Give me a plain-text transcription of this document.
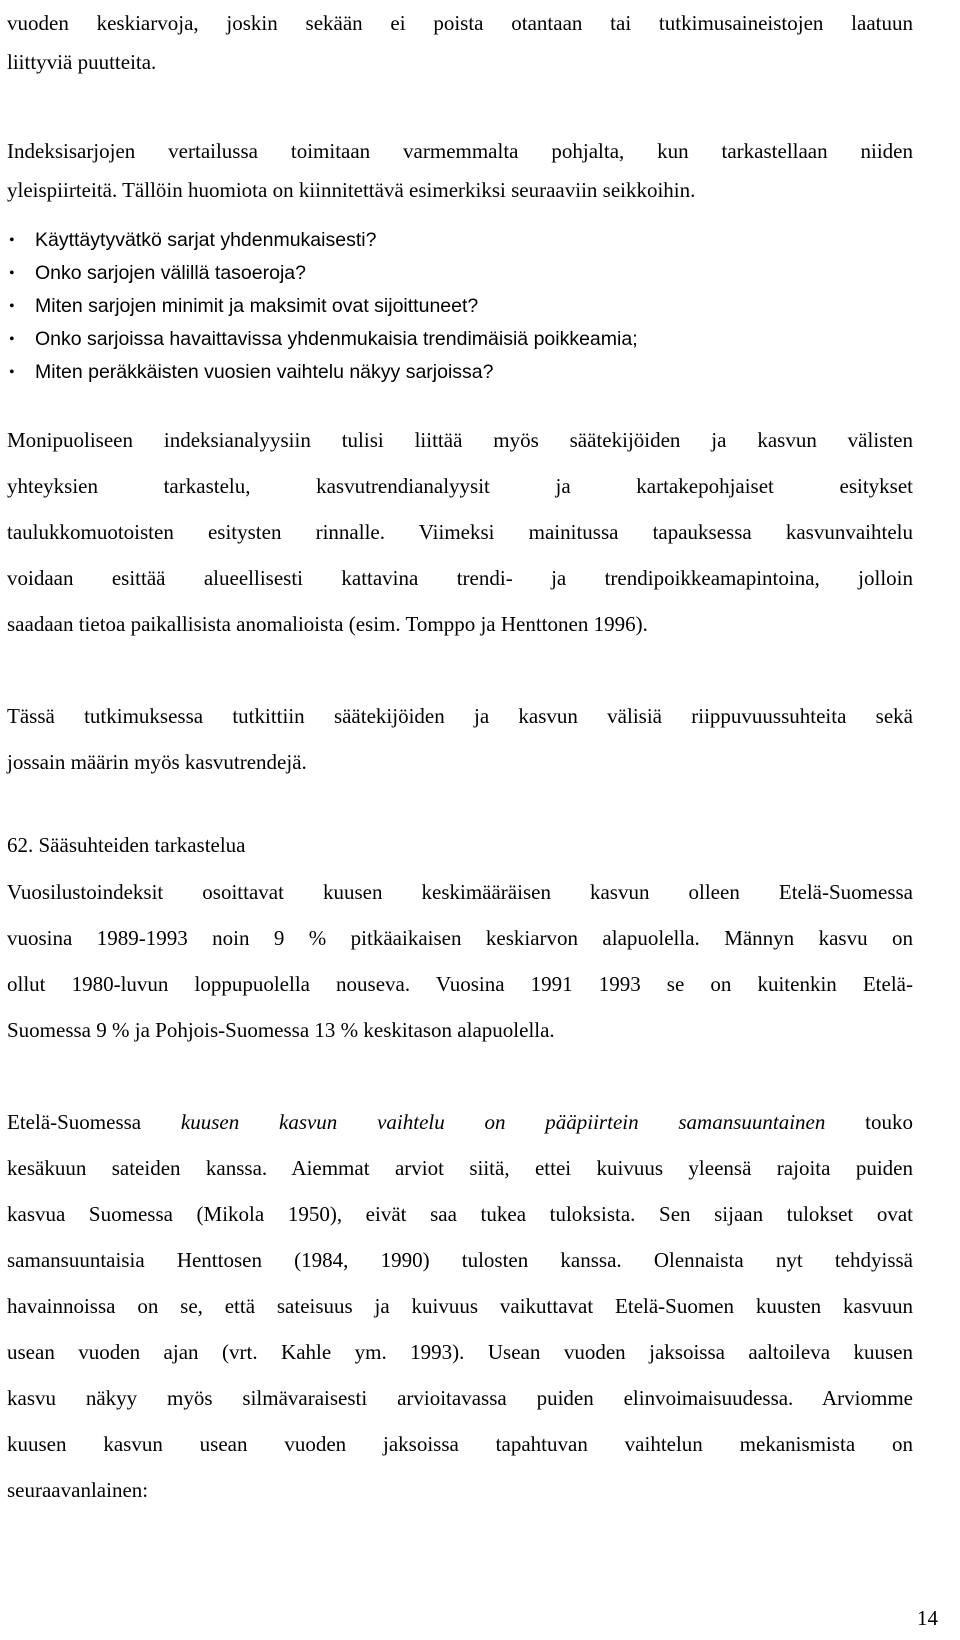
vuoden keskiarvoja, joskin sekään ei poista otantaan tai tutkimusaineistojen laatuun
liittyviä puutteita.

Indeksisarjojen vertailussa toimitaan varmemmalta pohjalta, kun tarkastellaan niiden
yleispiirteitä. Tällöin huomiota on kiinnitettävä esimerkiksi seuraaviin seikkoihin.

• Käyttäytyvätkö sarjat yhdenmukaisesti?
• Onko sarjojen välillä tasoeroja?
• Miten sarjojen minimit ja maksimit ovat sijoittuneet?
• Onko sarjoissa havaittavissa yhdenmukaisia trendimäisiä poikkeamia;
• Miten peräkkäisten vuosien vaihtelu näkyy sarjoissa?

Monipuoliseen indeksianalyysiin tulisi liittää myös säätekijöiden ja kasvun välisten
yhteyksien tarkastelu, kasvutrendianalyysit ja kartakepohjaiset esitykset
taulukkomuotoisten esitysten rinnalle. Viimeksi mainitussa tapauksessa kasvunvaihtelu
voidaan esittää alueellisesti kattavina trendi- ja trendipoikkeamapintoina, jolloin
saadaan tietoa paikallisista anomalioista (esim. Tomppo ja Henttonen 1996).

Tässä tutkimuksessa tutkittiin säätekijöiden ja kasvun välisiä riippuvuussuhteita sekä
jossain määrin myös kasvutrendejä.

62. Sääsuhteiden tarkastelua

Vuosilustoindeksit osoittavat kuusen keskimääräisen kasvun olleen Etelä-Suomessa
vuosina 1989-1993 noin 9 % pitkäaikaisen keskiarvon alapuolella. Männyn kasvu on
ollut 1980-luvun loppupuolella nouseva. Vuosina 1991 1993 se on kuitenkin Etelä-
Suomessa 9 % ja Pohjois-Suomessa 13 % keskitason alapuolella.

Etelä-Suomessa kuusen kasvun vaihtelu on pääpiirtein samansuuntainen touko
kesäkuun sateiden kanssa. Aiemmat arviot siitä, ettei kuivuus yleensä rajoita puiden
kasvua Suomessa (Mikola 1950), eivät saa tukea tuloksista. Sen sijaan tulokset ovat
samansuuntaisia Henttosen (1984, 1990) tulosten kanssa. Olennaista nyt tehdyissä
havainnoissa on se, että sateisuus ja kuivuus vaikuttavat Etelä-Suomen kuusten kasvuun
usean vuoden ajan (vrt. Kahle ym. 1993). Usean vuoden jaksoissa aaltoileva kuusen
kasvu näkyy myös silmävaraisesti arvioitavassa puiden elinvoimaisuudessa. Arviomme
kuusen kasvun usean vuoden jaksoissa tapahtuvan vaihtelun mekanismista on
seuraavanlainen:

14
